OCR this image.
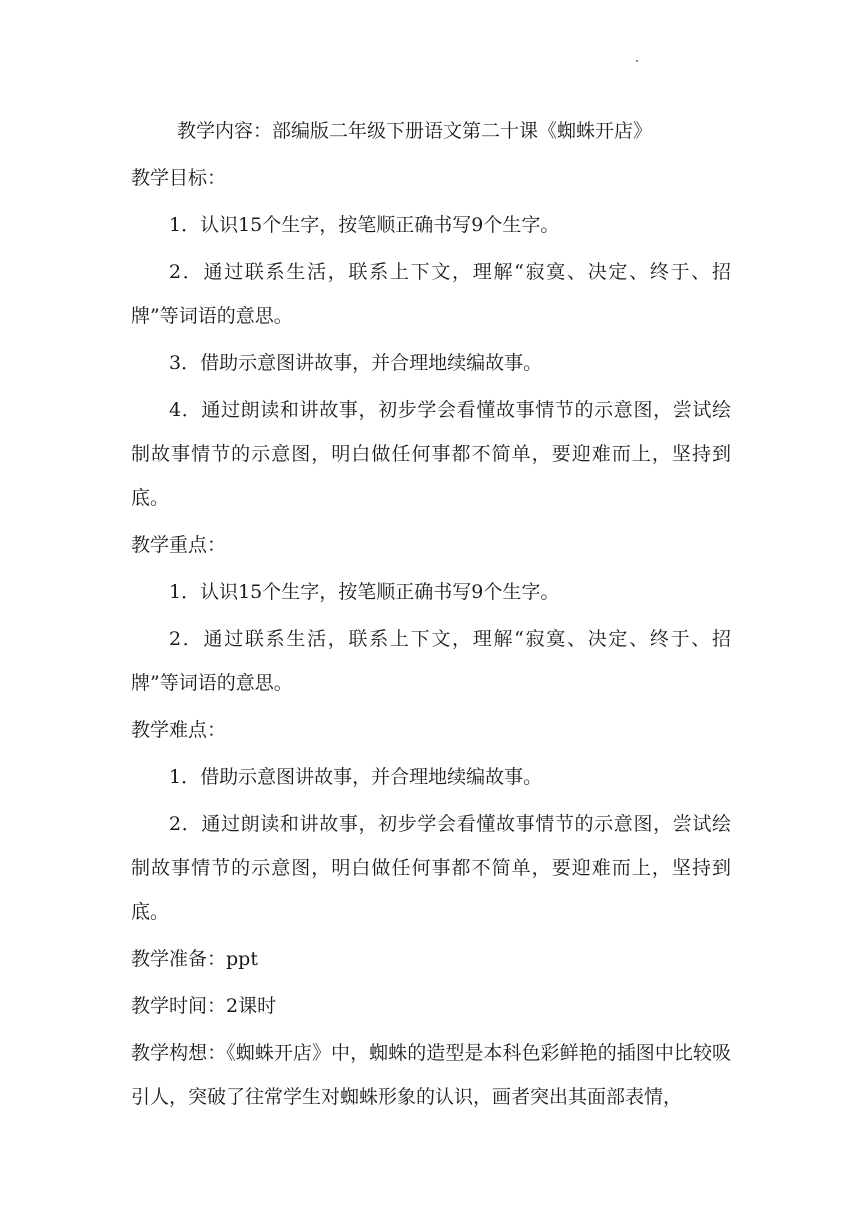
教学内容：部编版二年级下册语文第二十课《蜘蛛开店》

教学目标：

1．认识15个生字，按笔顺正确书写9个生字。

2．通过联系生活，联系上下文，理解“寂寞、决定、终于、招牌”等词语的意思。

3．借助示意图讲故事，并合理地续编故事。

4．通过朗读和讲故事，初步学会看懂故事情节的示意图，尝试绘制故事情节的示意图，明白做任何事都不简单，要迎难而上，坚持到底。

教学重点：

1．认识15个生字，按笔顺正确书写9个生字。

2．通过联系生活，联系上下文，理解“寂寞、决定、终于、招牌”等词语的意思。

教学难点：

1．借助示意图讲故事，并合理地续编故事。

2．通过朗读和讲故事，初步学会看懂故事情节的示意图，尝试绘制故事情节的示意图，明白做任何事都不简单，要迎难而上，坚持到底。

教学准备：ppt

教学时间：2课时

教学构想：《蜘蛛开店》中，蜘蛛的造型是本科色彩鲜艳的插图中比较吸引人，突破了往常学生对蜘蛛形象的认识，画者突出其面部表情，
